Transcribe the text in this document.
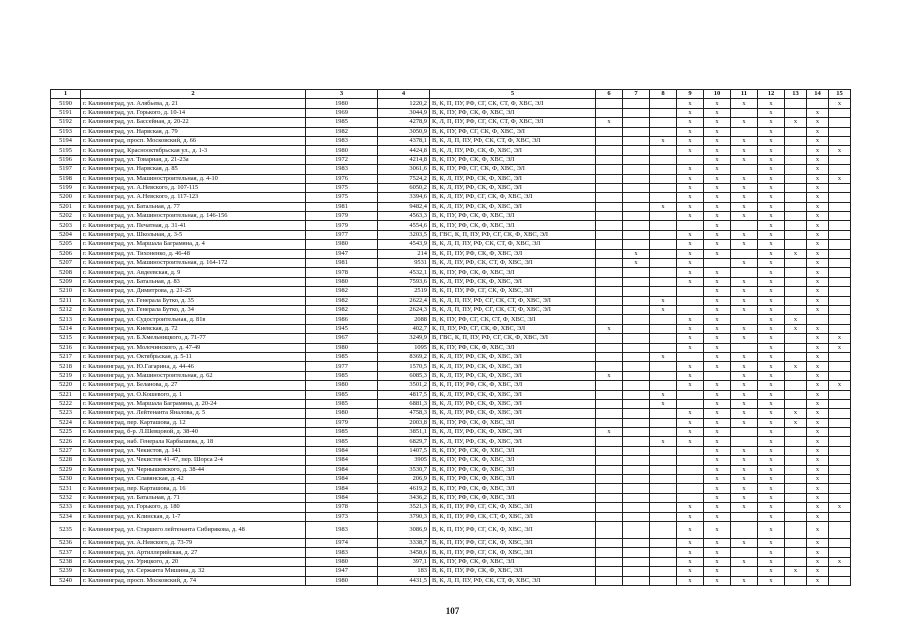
1	2	3	4	5	6	7	8	9	10	11	12	13	14	15
5190	г. Калининград, ул. Алябьева, д. 21	1980	1220,2	В, К, П, ПУ, РФ, СГ, СК, СТ, Ф, ХВС, ЭЛ				x	x	x	x			x
5191	г. Калининград, ул. Горького, д. 10-14	1969	3044,9	В, К, ПУ, РФ, СК, Ф, ХВС, ЭЛ				x	x		x		x	
5192	г. Калининград, ул. Бассейная, д. 20-22	1985	4278,9	К, Л, П, ПУ, РФ, СГ, СК, СТ, Ф, ХВС, ЭЛ	x			x	x	x	x	x	x	
5193	г. Калининград, ул. Нарвская, д. 79	1982	3050,9	В, К, ПУ, РФ, СГ, СК, Ф, ХВС, ЭЛ				x	x		x		x	
5194	г. Калининград, просп. Московский, д. 66	1983	4378,1	В, К, Л, П, ПУ, РФ, СК, СТ, Ф, ХВС, ЭЛ			x	x	x	x	x		x	
5195	г. Калининград, Краснооктябрьская ул., д. 1-3	1980	4424,8	В, К, Л, ПУ, РФ, СК, Ф, ХВС, ЭЛ				x	x	x	x		x	x
5196	г. Калининград, ул. Товарная, д. 21-23а	1972	4214,8	В, К, ПУ, РФ, СК, Ф, ХВС, ЭЛ					x	x	x		x	
5197	г. Калининград, ул. Нарвская, д. 85	1983	3061,6	В, К, ПУ, РФ, СГ, СК, Ф, ХВС, ЭЛ				x	x		x		x	
5198	г. Калининград, ул. Машиностроительная, д. 4-10	1976	7524,2	В, К, Л, ПУ, РФ, СК, Ф, ХВС, ЭЛ				x	x	x	x		x	x
5199	г. Калининград, ул. А.Невского, д. 107-115	1975	6050,2	В, К, Л, ПУ, РФ, СК, Ф, ХВС, ЭЛ				x	x	x	x		x	
5200	г. Калининград, ул. А.Невского, д. 117-123	1975	3394,6	В, К, Л, ПУ, РФ, СГ, СК, Ф, ХВС, ЭЛ				x	x	x	x		x	
5201	г. Калининград, ул. Батальная, д. 77	1981	9482,4	В, К, Л, ПУ, РФ, СК, Ф, ХВС, ЭЛ			x	x	x	x	x		x	
5202	г. Калининград, ул. Машиностроительная, д. 146-156	1979	4563,3	В, К, ПУ, РФ, СК, Ф, ХВС, ЭЛ				x	x	x	x		x	
5203	г. Калининград, ул. Печатная, д. 31-41	1979	4554,6	В, К, ПУ, РФ, СК, Ф, ХВС, ЭЛ					x		x		x	
5204	г. Калининград, ул. Школьная, д. 3-5	1977	3203,5	В, ГВС, К, П, ПУ, РФ, СГ, СК, Ф, ХВС, ЭЛ				x	x	x	x		x	
5205	г. Калининград, ул. Маршала Баграмяна, д. 4	1980	4543,9	В, К, Л, П, ПУ, РФ, СК, СТ, Ф, ХВС, ЭЛ				x	x	x	x		x	
5206	г. Калининград, ул. Тихоненко, д. 46-48	1947	214	В, К, П, ПУ, РФ, СК, Ф, ХВС, ЭЛ		x		x	x		x	x	x	
5207	г. Калининград, ул. Машиностроительная, д. 164-172	1981	9531	В, К, Л, ПУ, РФ, СК, СТ, Ф, ХВС, ЭЛ		x		x		x	x		x	
5208	г. Калининград, ул. Авдеевская, д. 9	1978	4532,1	В, К, ПУ, РФ, СК, Ф, ХВС, ЭЛ				x	x		x		x	
5209	г. Калининград, ул. Батальная, д. 83	1980	7593,6	В, К, Л, ПУ, РФ, СК, Ф, ХВС, ЭЛ				x	x	x	x		x	
5210	г. Калининград, ул. Димитрова, д. 21-25	1982	2519	В, К, П, ПУ, РФ, СГ, СК, Ф, ХВС, ЭЛ					x	x	x		x	
5211	г. Калининград, ул. Генерала Бутко, д. 35	1982	2622,4	В, К, Л, П, ПУ, РФ, СГ, СК, СТ, Ф, ХВС, ЭЛ			x		x	x	x		x	
5212	г. Калининград, ул. Генерала Бутко, д. 34	1982	2624,3	В, К, Л, П, ПУ, РФ, СГ, СК, СТ, Ф, ХВС, ЭЛ			x		x	x	x		x	
5213	г. Калининград, ул. Судостроительная, д. 81в	1986	2088	В, К, ПУ, РФ, СГ, СК, СТ, Ф, ХВС, ЭЛ				x	x		x	x		
5214	г. Калининград, ул. Киевская, д. 72	1945	402,7	К, П, ПУ, РФ, СГ, СК, Ф, ХВС, ЭЛ	x			x	x	x	x	x	x	
5215	г. Калининград, ул. Б.Хмельницкого, д. 71-77	1967	3249,9	В, ГВС, К, П, ПУ, РФ, СГ, СК, Ф, ХВС, ЭЛ				x	x	x	x		x	x
5216	г. Калининград, ул. Молочинского, д. 47-49	1980	1095	В, К, ПУ, РФ, СК, Ф, ХВС, ЭЛ				x	x		x		x	x
5217	г. Калининград, ул. Октябрьская, д. 5-11	1985	8369,2	В, К, Л, ПУ, РФ, СК, Ф, ХВС, ЭЛ			x		x	x	x		x	
5218	г. Калининград, ул. Ю.Гагарина, д. 44-46	1977	1570,5	В, К, Л, ПУ, РФ, СК, Ф, ХВС, ЭЛ				x	x	x	x	x	x	
5219	г. Калининград, ул. Машиностроительная, д. 62	1985	6085,3	В, К, Л, ПУ, РФ, СК, Ф, ХВС, ЭЛ	x			x		x	x		x	
5220	г. Калининград, ул. Беланова, д. 27	1980	3501,2	В, К, П, ПУ, РФ, СК, Ф, ХВС, ЭЛ				x	x	x	x		x	x
5221	г. Калининград, ул. О.Кошевого, д. 1	1985	4817,5	В, К, Л, ПУ, РФ, СК, Ф, ХВС, ЭЛ			x		x	x	x		x	
5222	г. Калининград, ул. Маршала Баграмяна, д. 20-24	1985	6881,3	В, К, Л, ПУ, РФ, СК, Ф, ХВС, ЭЛ			x		x	x	x		x	
5223	г. Калининград, ул. Лейтенанта Яналова, д. 5	1980	4758,3	В, К, Л, ПУ, РФ, СК, Ф, ХВС, ЭЛ				x	x	x	x	x	x	
5224	г. Калининград, пер. Карташова, д. 12	1979	2003,8	В, К, ПУ, РФ, СК, Ф, ХВС, ЭЛ				x	x	x	x	x	x	
5225	г. Калининград, б-р. Л.Шевцовой, д. 38-40	1985	3851,1	В, К, Л, ПУ, РФ, СК, Ф, ХВС, ЭЛ	x			x	x		x		x	
5226	г. Калининград, наб. Генерала Карбышева, д. 18	1985	6829,7	В, К, Л, ПУ, РФ, СК, Ф, ХВС, ЭЛ			x	x	x		x		x	
5227	г. Калининград, ул. Чекистов, д. 141	1984	1407,5	В, К, ПУ, РФ, СК, Ф, ХВС, ЭЛ					x	x	x		x	
5228	г. Калининград, ул. Чекистов 41-47, пер. Шорса 2-4	1984	3905	В, К, ПУ, РФ, СК, Ф, ХВС, ЭЛ					x	x	x		x	
5229	г. Калининград, ул. Чернышевского, д. 38-44	1984	3530,7	В, К, ПУ, РФ, СК, Ф, ХВС, ЭЛ					x	x	x		x	
5230	г. Калининград, ул. Славянская, д. 42	1984	206,9	В, К, ПУ, РФ, СК, Ф, ХВС, ЭЛ					x	x	x		x	
5231	г. Калининград, пер. Карташова, д. 16	1984	4619,2	В, К, ПУ, РФ, СК, Ф, ХВС, ЭЛ					x	x	x		x	
5232	г. Калининград, ул. Батальная, д. 71	1984	3436,2	В, К, ПУ, РФ, СК, Ф, ХВС, ЭЛ					x	x	x		x	
5233	г. Калининград, ул. Горького, д. 180	1978	3521,3	В, К, П, ПУ, РФ, СГ, СК, Ф, ХВС, ЭЛ				x	x	x	x		x	x
5234	г. Калининград, ул. Клинская, д. 1-7	1973	3790,3	В, К, П, ПУ, РФ, СК, СТ, Ф, ХВС, ЭЛ				x	x		x		x	
5235	г. Калининград, ул. Старшего лейтенанта Сибирякова, д. 48	1983	3086,9	В, К, П, ПУ, РФ, СГ, СК, Ф, ХВС, ЭЛ				x	x		x		x	
5236	г. Калининград, ул. А.Невского, д. 73-79	1974	3338,7	В, К, П, ПУ, РФ, СГ, СК, Ф, ХВС, ЭЛ				x	x	x	x		x	
5237	г. Калининград, ул. Артиллерийская, д. 27	1983	3458,6	В, К, П, ПУ, РФ, СГ, СК, Ф, ХВС, ЭЛ				x	x		x		x	
5238	г. Калининград, ул. Урицкого, д. 20	1980	397,1	В, К, ПУ, РФ, СК, Ф, ХВС, ЭЛ				x	x	x	x		x	x
5239	г. Калининград, ул. Сержанта Мишина, д. 32	1947	183	В, К, П, ПУ, РФ, СК, Ф, ХВС, ЭЛ				x	x		x	x	x	
5240	г. Калининград, просп. Московский, д. 74	1980	4431,5	В, К, Л, П, ПУ, РФ, СК, СТ, Ф, ХВС, ЭЛ				x	x	x	x		x	
107
